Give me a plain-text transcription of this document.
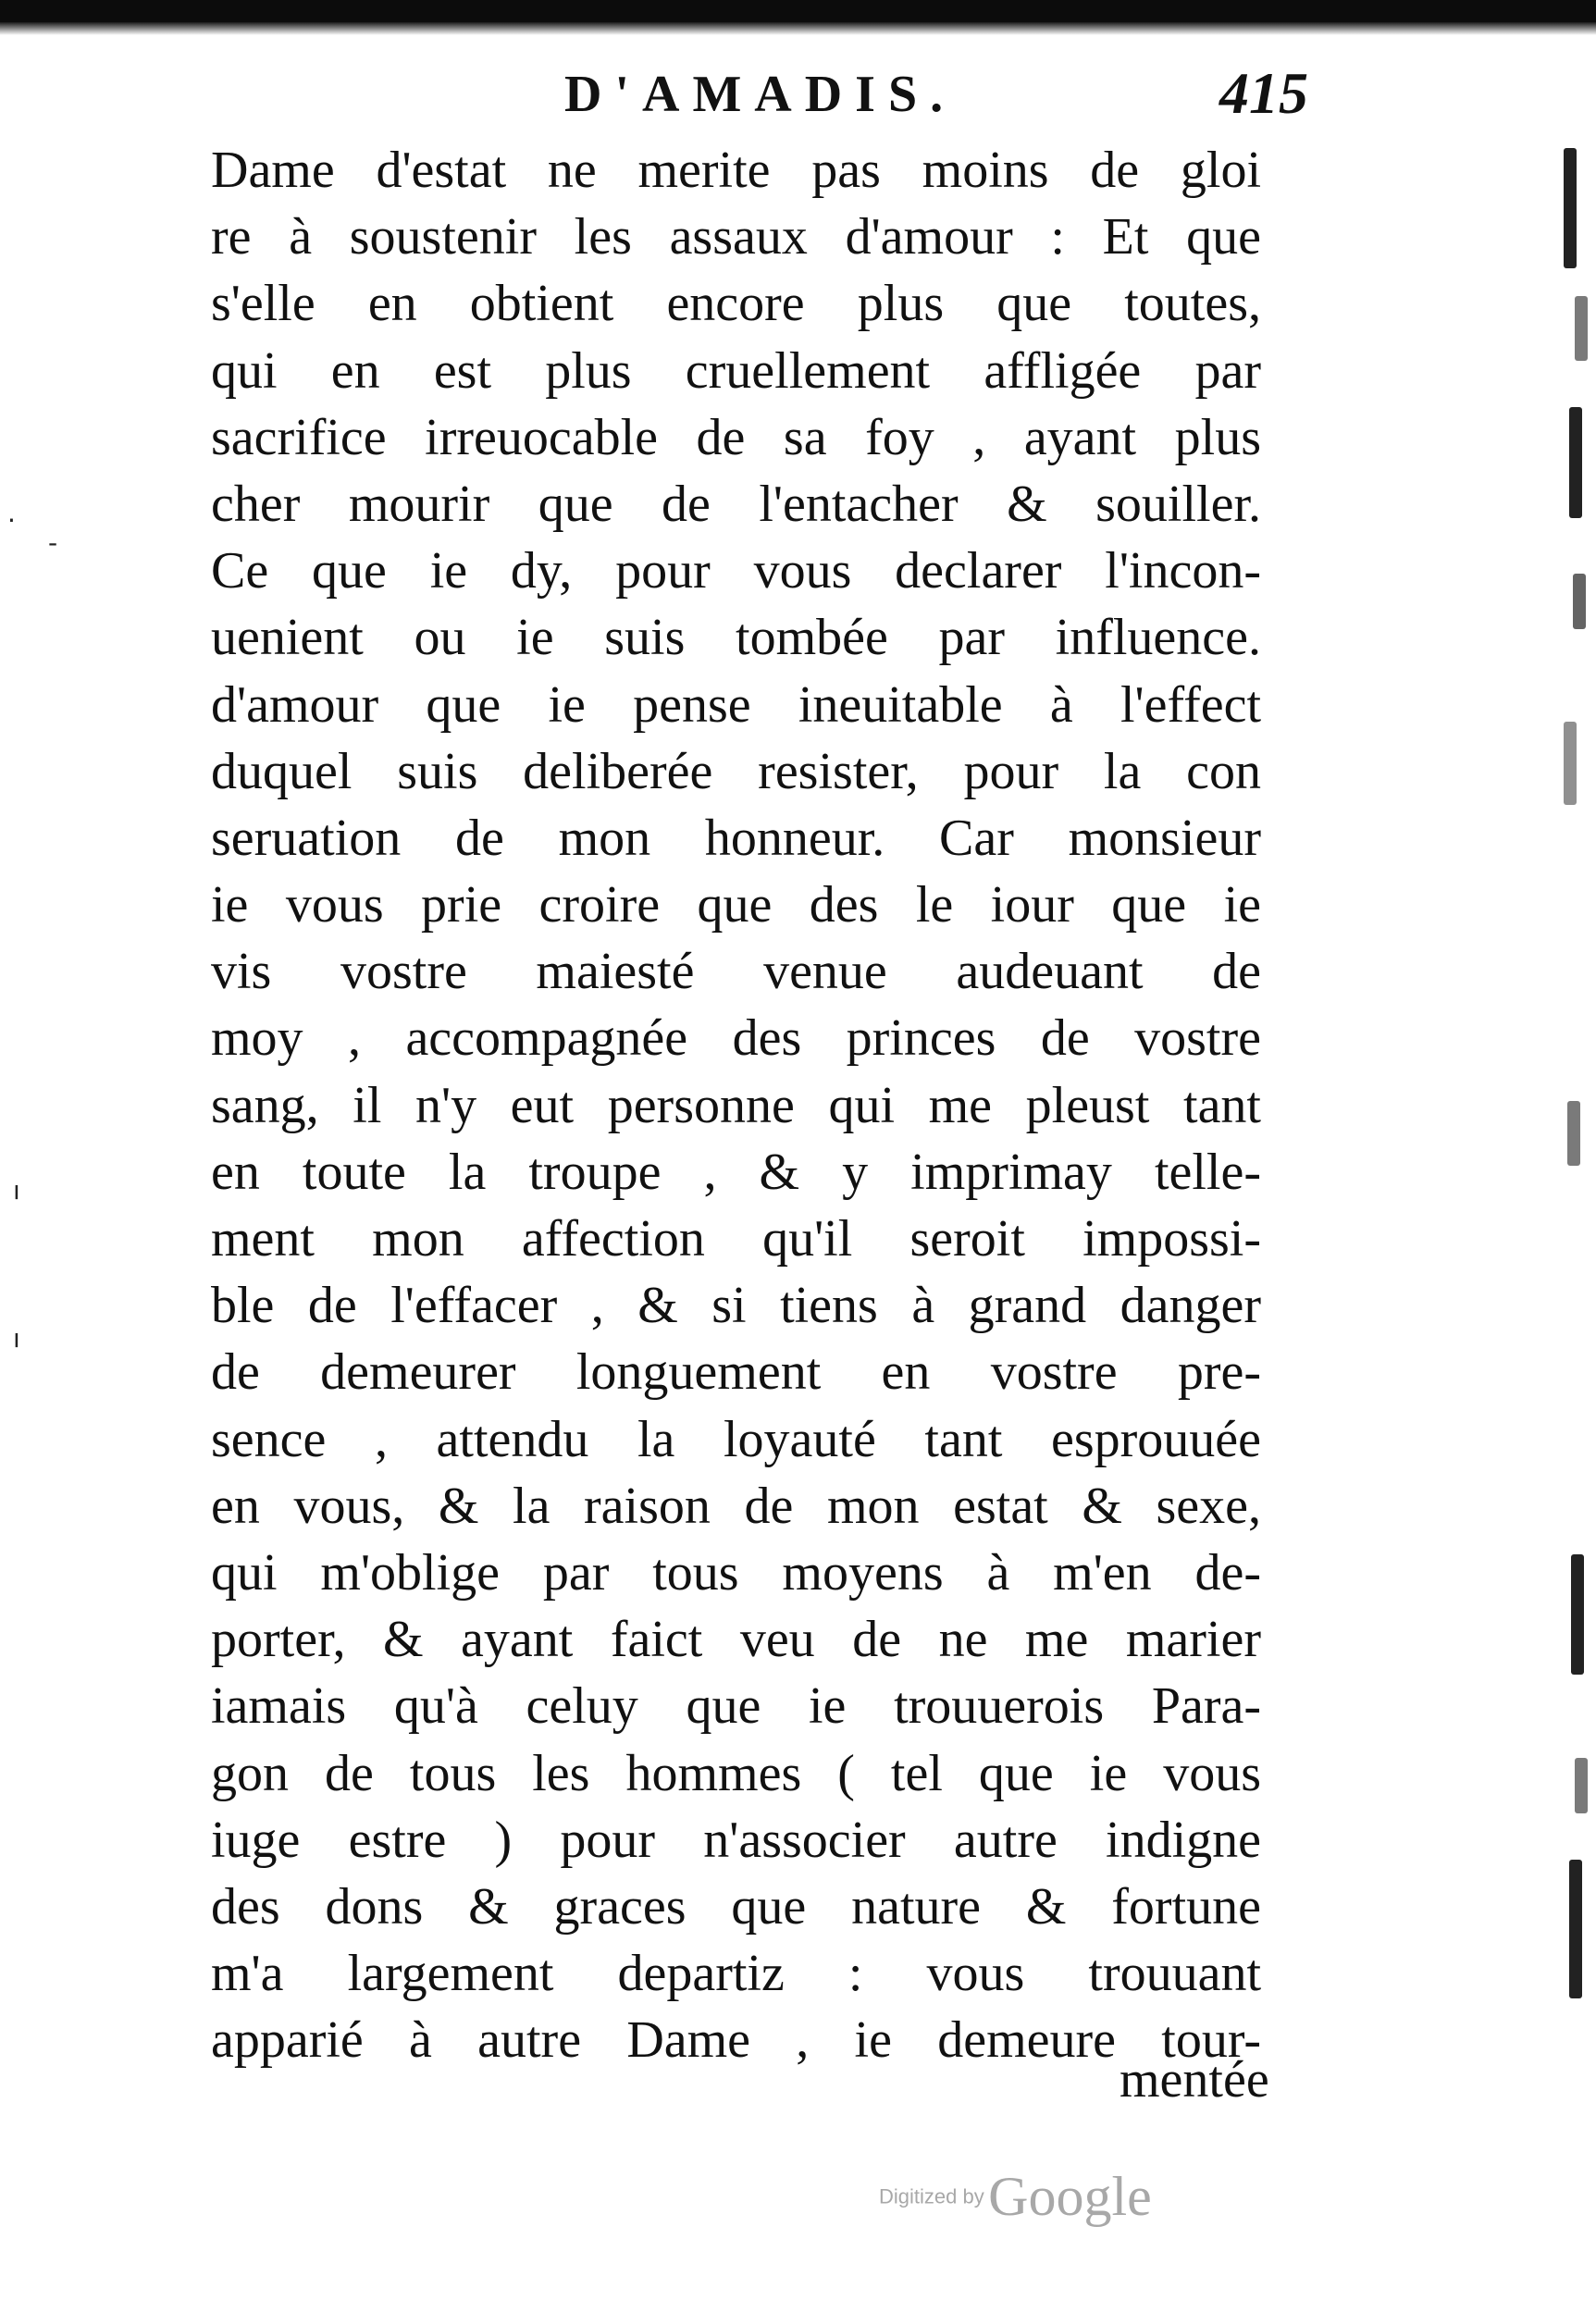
D'AMADIS.	415
Dame d'estat ne merite pas moins de gloi
re à soustenir les assaux d'amour : Et que
s'elle en obtient encore plus que toutes,
qui en est plus cruellement affligée par
sacrifice irreuocable de sa foy , ayant plus
cher mourir que de l'entacher & souiller.
Ce que ie dy, pour vous declarer l'incon-
uenient ou ie suis tombée par influence.
d'amour que ie pense ineuitable à l'effect
duquel suis deliberée resister, pour la con
seruation de mon honneur. Car monsieur
ie vous prie croire que des le iour que ie
vis vostre maiesté venue audeuant de
moy , accompagnée des princes de vostre
sang, il n'y eut personne qui me pleust tant
en toute la troupe , & y imprimay telle-
ment mon affection qu'il seroit impossi-
ble de l'effacer , & si tiens à grand danger
de demeurer longuement en vostre pre-
sence , attendu la loyauté tant esprouuée
en vous, & la raison de mon estat & sexe,
qui m'oblige par tous moyens à m'en de-
porter, & ayant faict veu de ne me marier
iamais qu'à celuy que ie trouuerois Para-
gon de tous les hommes ( tel que ie vous
iuge estre ) pour n'associer autre indigne
des dons & graces que nature & fortune
m'a largement departiz : vous trouuant
apparié à autre Dame , ie demeure tour-
mentée
·
-
ı
ı
Digitized by Google
